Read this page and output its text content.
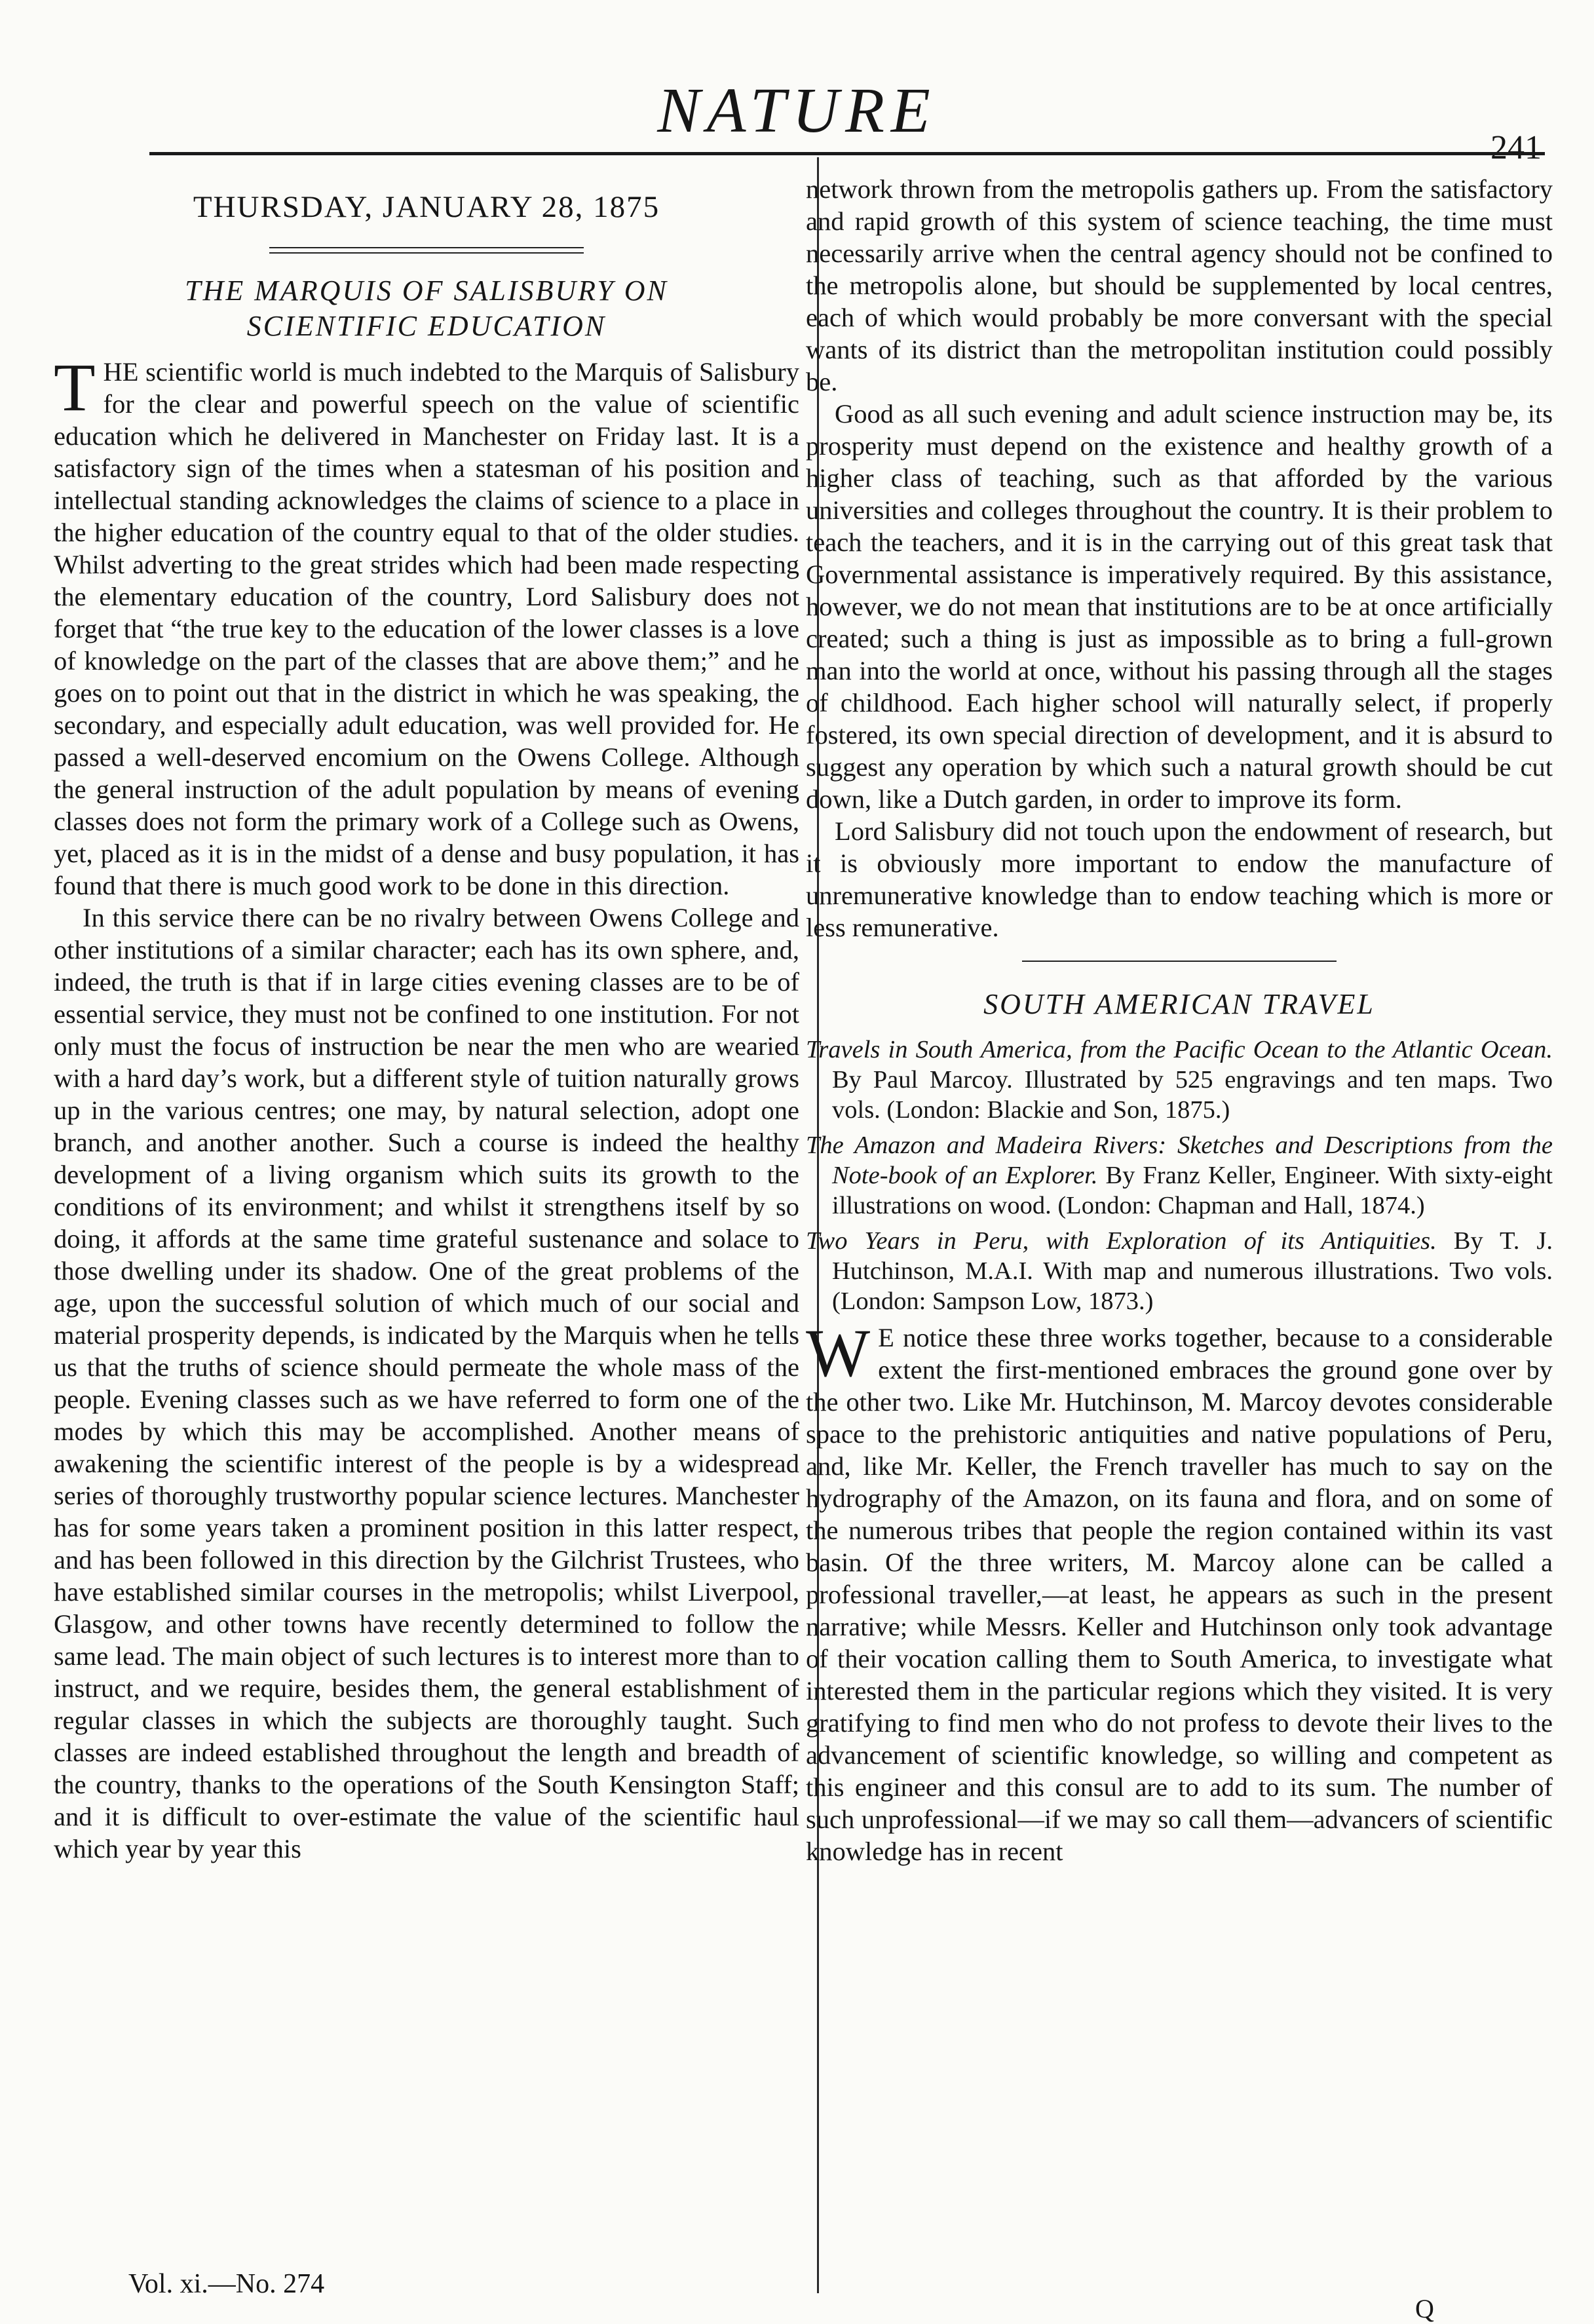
NATURE
241
THURSDAY, JANUARY 28, 1875
THE MARQUIS OF SALISBURY ON
SCIENTIFIC EDUCATION

THE scientific world is much indebted to the Marquis of Salisbury for the clear and powerful speech on the value of scientific education which he delivered in Manchester on Friday last. It is a satisfactory sign of the times when a statesman of his position and intellectual standing acknowledges the claims of science to a place in the higher education of the country equal to that of the older studies. Whilst adverting to the great strides which had been made respecting the elementary education of the country, Lord Salisbury does not forget that “the true key to the education of the lower classes is a love of knowledge on the part of the classes that are above them;” and he goes on to point out that in the district in which he was speaking, the secondary, and especially adult education, was well provided for. He passed a well-deserved encomium on the Owens College. Although the general instruction of the adult population by means of evening classes does not form the primary work of a College such as Owens, yet, placed as it is in the midst of a dense and busy population, it has found that there is much good work to be done in this direction.

In this service there can be no rivalry between Owens College and other institutions of a similar character; each has its own sphere, and, indeed, the truth is that if in large cities evening classes are to be of essential service, they must not be confined to one institution. For not only must the focus of instruction be near the men who are wearied with a hard day’s work, but a different style of tuition naturally grows up in the various centres; one may, by natural selection, adopt one branch, and another another. Such a course is indeed the healthy development of a living organism which suits its growth to the conditions of its environment; and whilst it strengthens itself by so doing, it affords at the same time grateful sustenance and solace to those dwelling under its shadow. One of the great problems of the age, upon the successful solution of which much of our social and material prosperity depends, is indicated by the Marquis when he tells us that the truths of science should permeate the whole mass of the people. Evening classes such as we have referred to form one of the modes by which this may be accomplished. Another means of awakening the scientific interest of the people is by a widespread series of thoroughly trustworthy popular science lectures. Manchester has for some years taken a prominent position in this latter respect, and has been followed in this direction by the Gilchrist Trustees, who have established similar courses in the metropolis; whilst Liverpool, Glasgow, and other towns have recently determined to follow the same lead. The main object of such lectures is to interest more than to instruct, and we require, besides them, the general establishment of regular classes in which the subjects are thoroughly taught. Such classes are indeed established throughout the length and breadth of the country, thanks to the operations of the South Kensington Staff; and it is difficult to over-estimate the value of the scientific haul which year by year this

network thrown from the metropolis gathers up. From the satisfactory and rapid growth of this system of science teaching, the time must necessarily arrive when the central agency should not be confined to the metropolis alone, but should be supplemented by local centres, each of which would probably be more conversant with the special wants of its district than the metropolitan institution could possibly be.

Good as all such evening and adult science instruction may be, its prosperity must depend on the existence and healthy growth of a higher class of teaching, such as that afforded by the various universities and colleges throughout the country. It is their problem to teach the teachers, and it is in the carrying out of this great task that Governmental assistance is imperatively required. By this assistance, however, we do not mean that institutions are to be at once artificially created; such a thing is just as impossible as to bring a full-grown man into the world at once, without his passing through all the stages of childhood. Each higher school will naturally select, if properly fostered, its own special direction of development, and it is absurd to suggest any operation by which such a natural growth should be cut down, like a Dutch garden, in order to improve its form.

Lord Salisbury did not touch upon the endowment of research, but it is obviously more important to endow the manufacture of unremunerative knowledge than to endow teaching which is more or less remunerative.

SOUTH AMERICAN TRAVEL
Travels in South America, from the Pacific Ocean to the Atlantic Ocean. By Paul Marcoy. Illustrated by 525 engravings and ten maps. Two vols. (London: Blackie and Son, 1875.)
The Amazon and Madeira Rivers: Sketches and Descriptions from the Note-book of an Explorer. By Franz Keller, Engineer. With sixty-eight illustrations on wood. (London: Chapman and Hall, 1874.)
Two Years in Peru, with Exploration of its Antiquities. By T. J. Hutchinson, M.A.I. With map and numerous illustrations. Two vols. (London: Sampson Low, 1873.)

W E notice these three works together, because to a considerable extent the first-mentioned embraces the ground gone over by the other two. Like Mr. Hutchinson, M. Marcoy devotes considerable space to the prehistoric antiquities and native populations of Peru, and, like Mr. Keller, the French traveller has much to say on the hydrography of the Amazon, on its fauna and flora, and on some of the numerous tribes that people the region contained within its vast basin. Of the three writers, M. Marcoy alone can be called a professional traveller,—at least, he appears as such in the present narrative; while Messrs. Keller and Hutchinson only took advantage of their vocation calling them to South America, to investigate what interested them in the particular regions which they visited. It is very gratifying to find men who do not profess to devote their lives to the advancement of scientific knowledge, so willing and competent as this engineer and this consul are to add to its sum. The number of such unprofessional—if we may so call them—advancers of scientific knowledge has in recent

Vol. xi.—No. 274
Q
